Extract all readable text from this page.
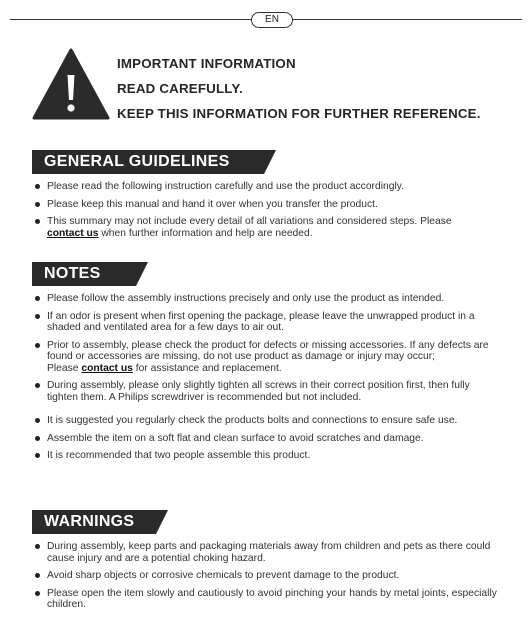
EN
IMPORTANT INFORMATION
READ CAREFULLY.
KEEP THIS INFORMATION FOR FURTHER REFERENCE.
GENERAL GUIDELINES
Please read the following instruction carefully and use the product accordingly.
Please keep this manual and hand it over when you transfer the product.
This summary may not include every detail of all variations and considered steps. Please
contact us when further information and help are needed.
NOTES
Please follow the assembly instructions precisely and only use the product as intended.
If an odor is present when first opening the package, please leave the unwrapped product in a shaded and ventilated area for a few days to air out.
Prior to assembly, please check the product for defects or missing accessories. If any defects are found or accessories are missing, do not use product as damage or injury may occur;
Please contact us for assistance and replacement.
During assembly, please only slightly tighten all screws in their correct position first, then fully tighten them. A Philips screwdriver is recommended but not included.
It is suggested you regularly check the products bolts and connections to ensure safe use.
Assemble the item on a soft flat and clean surface to avoid scratches and damage.
It is recommended that two people assemble this product.
WARNINGS
During assembly, keep parts and packaging materials away from children and pets as there could cause injury and are a potential choking hazard.
Avoid sharp objects or corrosive chemicals to prevent damage to the product.
Please open the item slowly and cautiously to avoid pinching your hands by metal joints, especially children.
